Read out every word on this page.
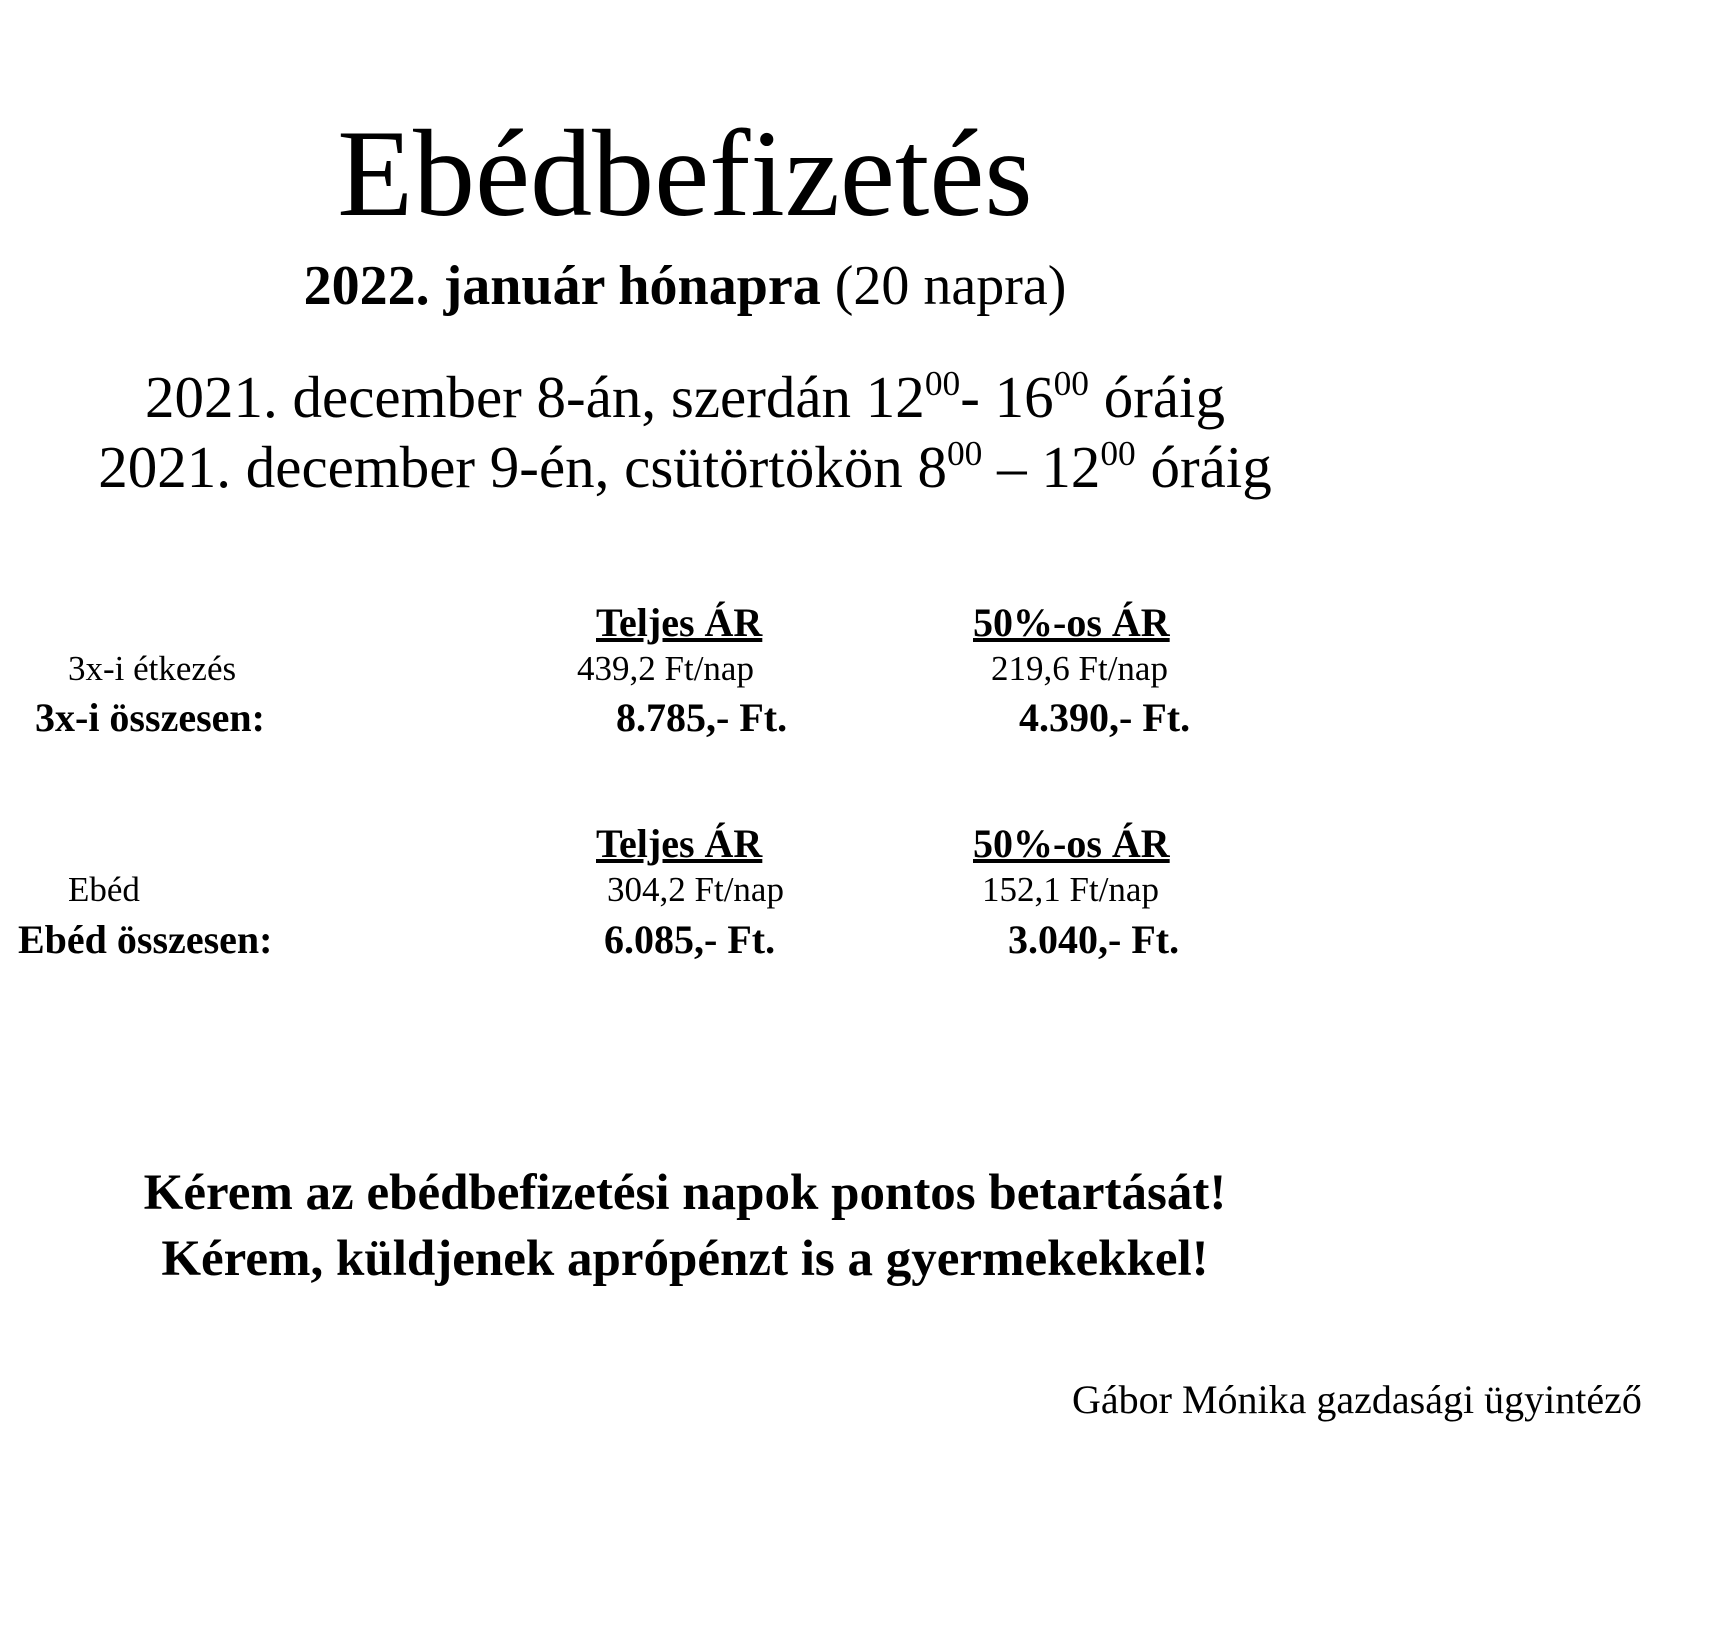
Ebédbefizetés
2022. január hónapra (20 napra)
2021. december 8-án, szerdán $12^{00}-$ $16^{00}$ óráig
2021. december 9-én, csütörtökön $8^{00} - 12^{00}$ óráig
Teljes ÁR	50%-os ÁR
3x-i étkezés	439,2 Ft/nap	219,6 Ft/nap
3x-i összesen:	8.785,- Ft.	4.390,- Ft.
Teljes ÁR	50%-os ÁR
Ebéd	304,2 Ft/nap	152,1 Ft/nap
Ebéd összesen:	6.085,- Ft.	3.040,- Ft.
Kérem az ebédbefizetési napok pontos betartását!
Kérem, küldjenek aprópénzt is a gyermekekkel!
Gábor Mónika gazdasági ügyintéző
